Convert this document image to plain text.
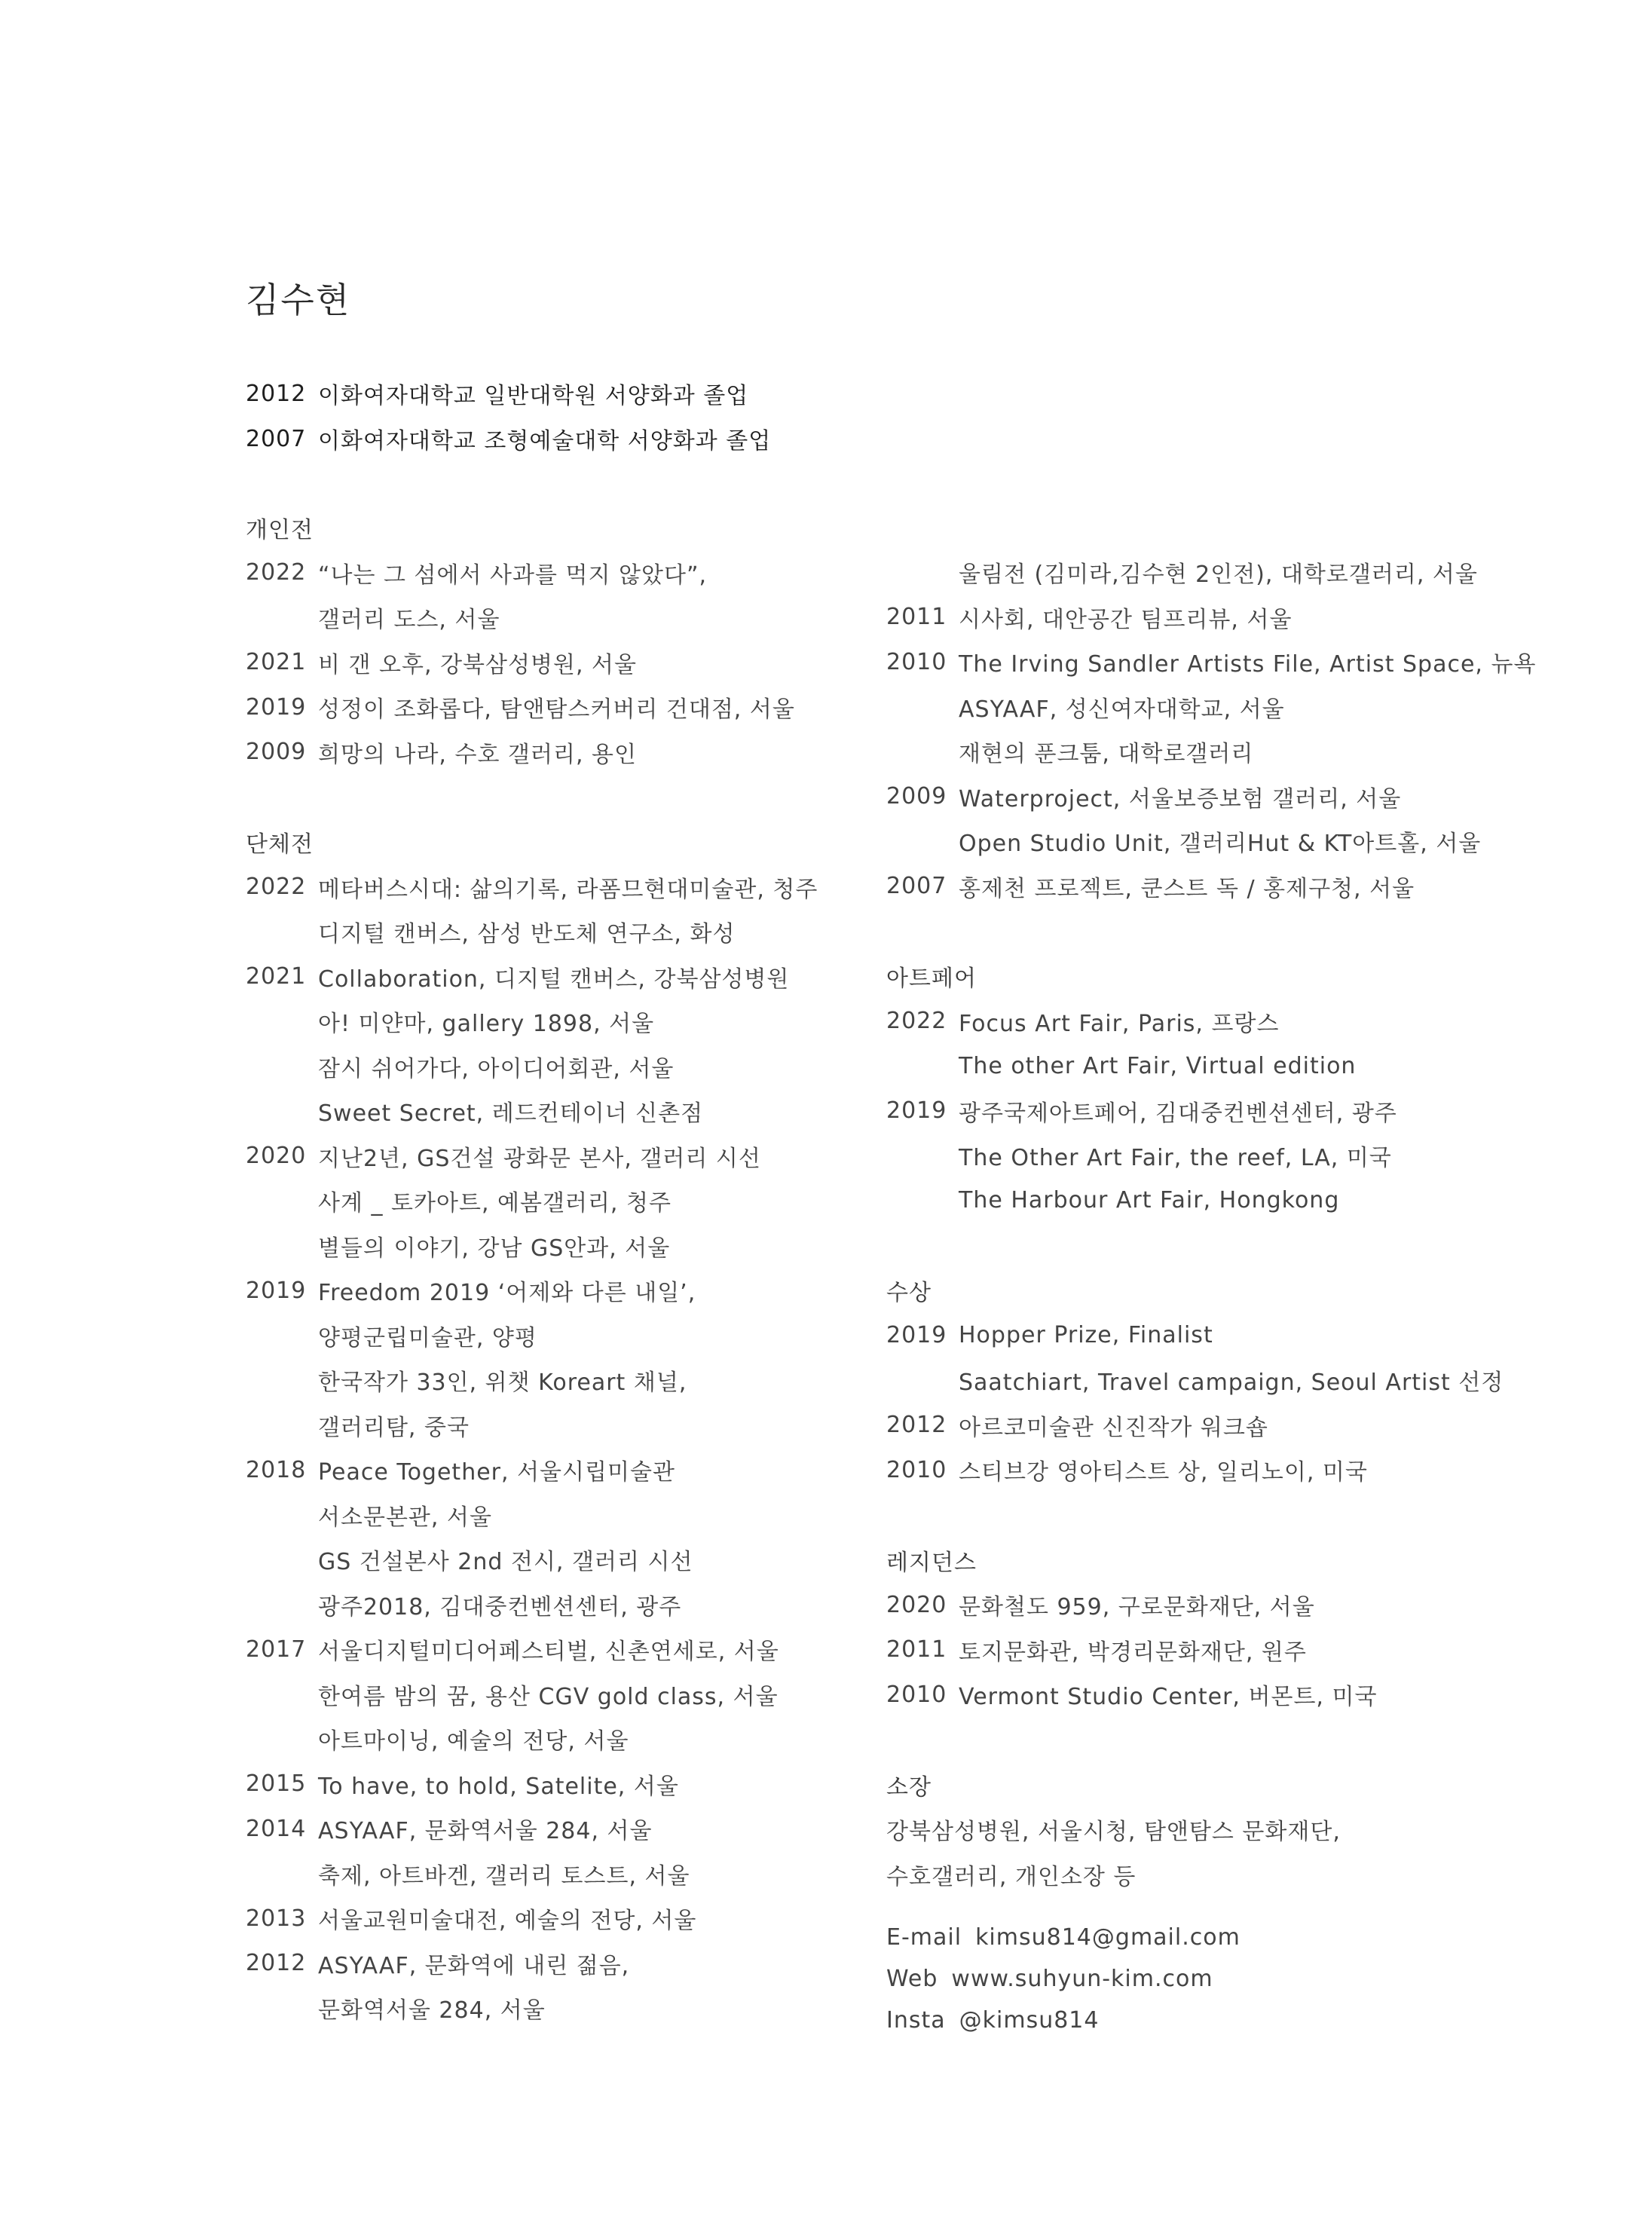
김수현
2012 이화여자대학교 일반대학원 서양화과 졸업
2007 이화여자대학교 조형예술대학 서양화과 졸업
개인전
2022 “나는 그 섬에서 사과를 먹지 않았다”,
갤러리 도스, 서울
2021 비 갠 오후, 강북삼성병원, 서울
2019 성정이 조화롭다, 탐앤탐스커버리 건대점, 서울
2009 희망의 나라, 수호 갤러리, 용인
단체전
2022 메타버스시대: 삶의기록, 라폼므현대미술관, 청주
디지털 캔버스, 삼성 반도체 연구소, 화성
2021 Collaboration, 디지털 캔버스, 강북삼성병원
아! 미얀마, gallery 1898, 서울
잠시 쉬어가다, 아이디어회관, 서울
Sweet Secret, 레드컨테이너 신촌점
2020 지난2년, GS건설 광화문 본사, 갤러리 시선
사계 _ 토카아트, 예봄갤러리, 청주
별들의 이야기, 강남 GS안과, 서울
2019 Freedom 2019 ‘어제와 다른 내일’,
양평군립미술관, 양평
한국작가 33인, 위챗 Koreart 채널,
갤러리탐, 중국
2018 Peace Together, 서울시립미술관
서소문본관, 서울
GS 건설본사 2nd 전시, 갤러리 시선
광주2018, 김대중컨벤션센터, 광주
2017 서울디지털미디어페스티벌, 신촌연세로, 서울
한여름 밤의 꿈, 용산 CGV gold class, 서울
아트마이닝, 예술의 전당, 서울
2015 To have, to hold, Satelite, 서울
2014 ASYAAF, 문화역서울 284, 서울
축제, 아트바겐, 갤러리 토스트, 서울
2013 서울교원미술대전, 예술의 전당, 서울
2012 ASYAAF, 문화역에 내린 젊음,
문화역서울 284, 서울
울림전 (김미라,김수현 2인전), 대학로갤러리, 서울
2011 시사회, 대안공간 팀프리뷰, 서울
2010 The Irving Sandler Artists File, Artist Space, 뉴욕
ASYAAF, 성신여자대학교, 서울
재현의 푼크툼, 대학로갤러리
2009 Waterproject, 서울보증보험 갤러리, 서울
Open Studio Unit, 갤러리Hut & KT아트홀, 서울
2007 홍제천 프로젝트, 쿤스트 독 / 홍제구청, 서울
아트페어
2022 Focus Art Fair, Paris, 프랑스
The other Art Fair, Virtual edition
2019 광주국제아트페어, 김대중컨벤션센터, 광주
The Other Art Fair, the reef, LA, 미국
The Harbour Art Fair, Hongkong
수상
2019 Hopper Prize, Finalist
Saatchiart, Travel campaign, Seoul Artist 선정
2012 아르코미술관 신진작가 워크숍
2010 스티브강 영아티스트 상, 일리노이, 미국
레지던스
2020 문화철도 959, 구로문화재단, 서울
2011 토지문화관, 박경리문화재단, 원주
2010 Vermont Studio Center, 버몬트, 미국
소장
강북삼성병원, 서울시청, 탐앤탐스 문화재단,
수호갤러리, 개인소장 등
E-mail kimsu814@gmail.com
Web www.suhyun-kim.com
Insta @kimsu814
